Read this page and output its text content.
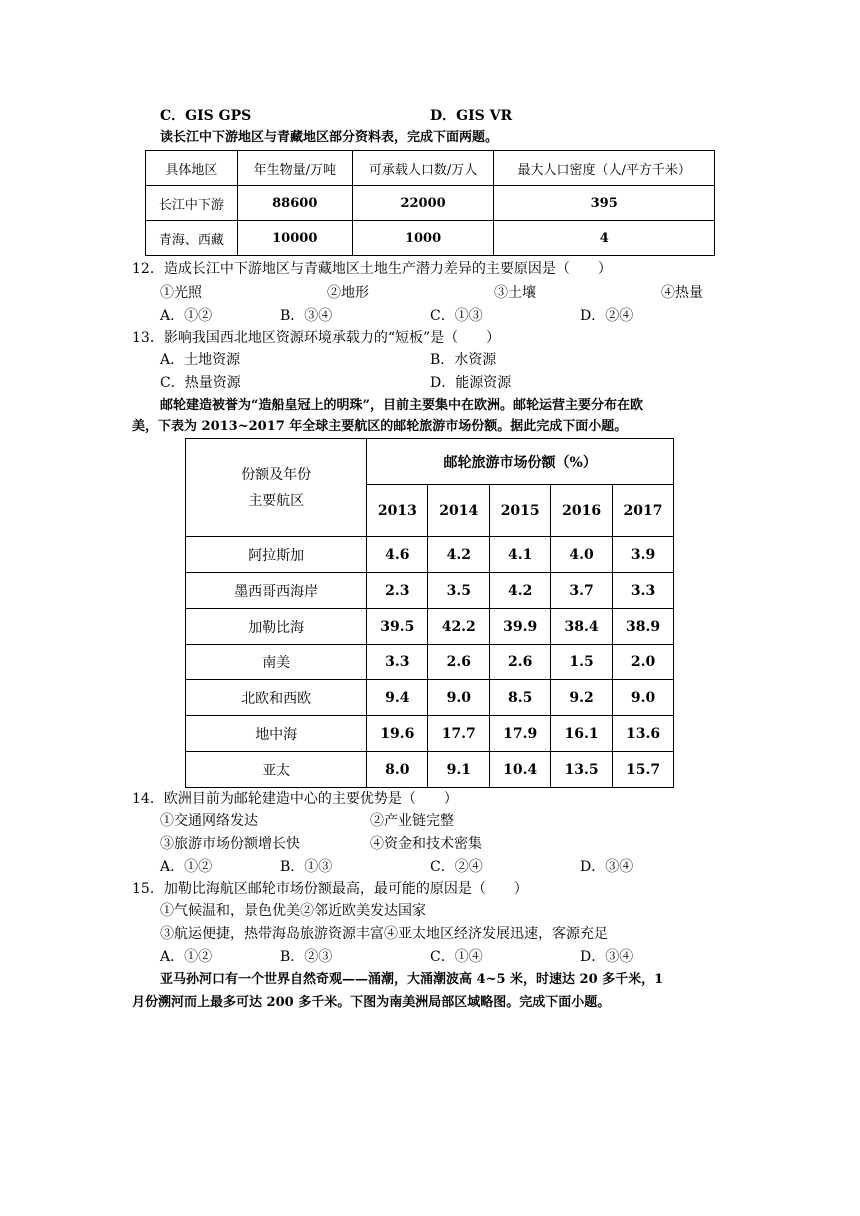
C．GIS GPS	D．GIS VR
读长江中下游地区与青藏地区部分资料表，完成下面两题。
具体地区	年生物量/万吨	可承载人口数/万人	最大人口密度（人/平方千米）
长江中下游	88600	22000	395
青海、西藏	10000	1000	4
12．造成长江中下游地区与青藏地区土地生产潜力差异的主要原因是（　　）
①光照	②地形	③土壤	④热量
A．①②	B．③④	C．①③	D．②④
13．影响我国西北地区资源环境承载力的“短板”是（　　）
A．土地资源	B．水资源
C．热量资源	D．能源资源
邮轮建造被誉为“造船皇冠上的明珠”，目前主要集中在欧洲。邮轮运营主要分布在欧
美，下表为 2013~2017 年全球主要航区的邮轮旅游市场份额。据此完成下面小题。
份额及年份
主要航区	邮轮旅游市场份额（%）				
	2013	2014	2015	2016	2017
阿拉斯加	4.6	4.2	4.1	4.0	3.9
墨西哥西海岸	2.3	3.5	4.2	3.7	3.3
加勒比海	39.5	42.2	39.9	38.4	38.9
南美	3.3	2.6	2.6	1.5	2.0
北欧和西欧	9.4	9.0	8.5	9.2	9.0
地中海	19.6	17.7	17.9	16.1	13.6
亚太	8.0	9.1	10.4	13.5	15.7
14．欧洲目前为邮轮建造中心的主要优势是（　　）
①交通网络发达	②产业链完整
③旅游市场份额增长快	④资金和技术密集
A．①②	B．①③	C．②④	D．③④
15．加勒比海航区邮轮市场份额最高，最可能的原因是（　　）
①气候温和，景色优美②邻近欧美发达国家
③航运便捷，热带海岛旅游资源丰富④亚太地区经济发展迅速，客源充足
A．①②	B．②③	C．①④	D．③④
亚马孙河口有一个世界自然奇观——涌潮，大涌潮波高 4~5 米，时速达 20 多千米，1
月份溯河而上最多可达 200 多千米。下图为南美洲局部区域略图。完成下面小题。
